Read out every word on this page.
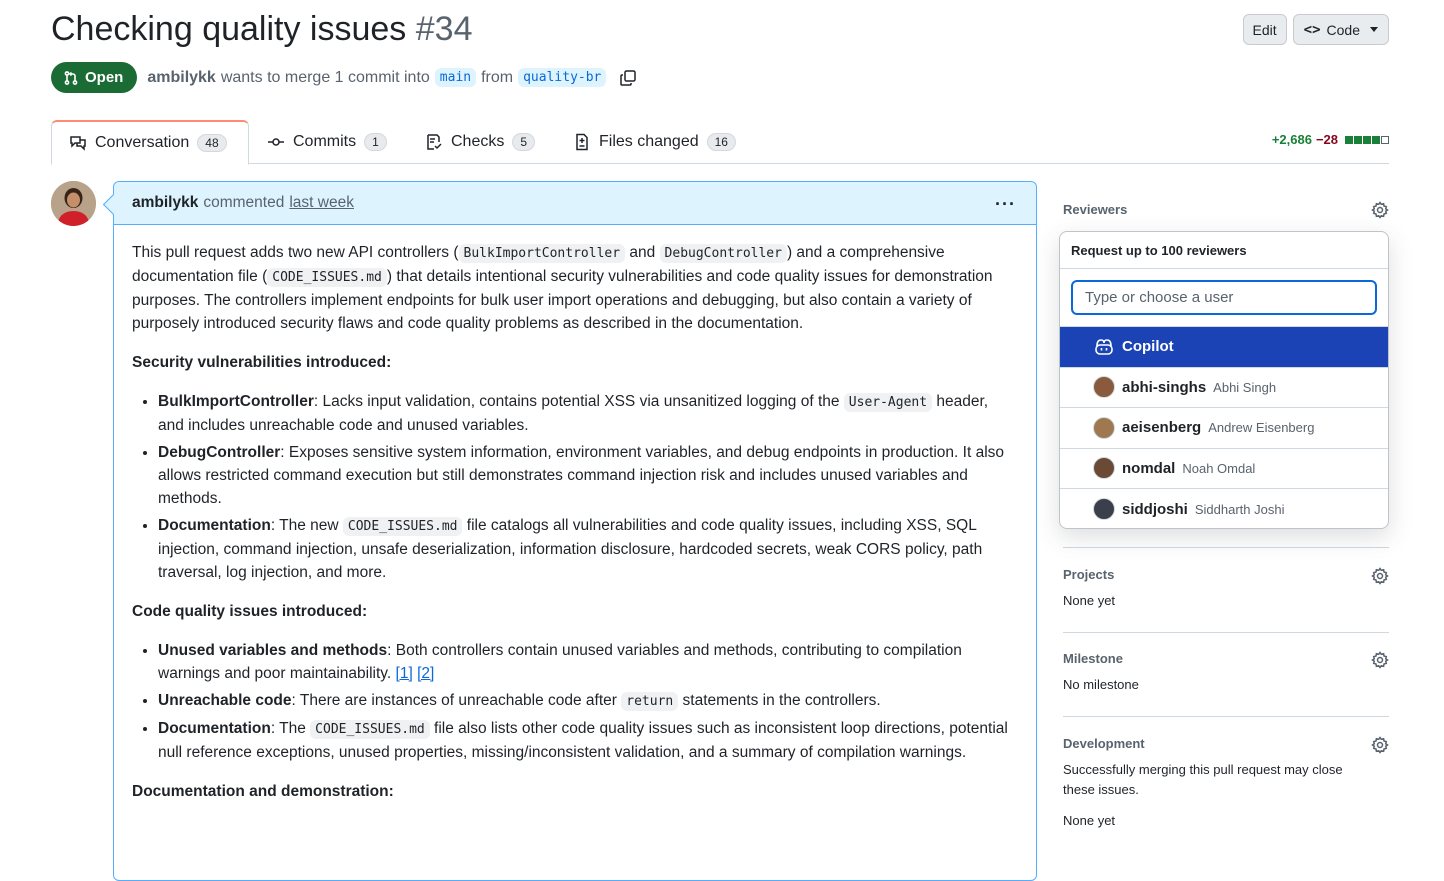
Checking quality issues #34	Edit	<> Code
Open ambilykk wants to merge 1 commit into main from quality-br
Conversation	48	Commits	1	Checks	5	Files changed	16	+2,686 −28
ambilykk commented last week	···

This pull request adds two new API controllers ( BulkImportController and DebugController ) and a comprehensive documentation file ( CODE_ISSUES.md ) that details intentional security vulnerabilities and code quality issues for demonstration purposes. The controllers implement endpoints for bulk user import operations and debugging, but also contain a variety of purposely introduced security flaws and code quality problems as described in the documentation.

Security vulnerabilities introduced:

• BulkImportController: Lacks input validation, contains potential XSS via unsanitized logging of the User-Agent header, and includes unreachable code and unused variables.
• DebugController: Exposes sensitive system information, environment variables, and debug endpoints in production. It also allows restricted command execution but still demonstrates command injection risk and includes unused variables and methods.
• Documentation: The new CODE_ISSUES.md file catalogs all vulnerabilities and code quality issues, including XSS, SQL injection, command injection, unsafe deserialization, information disclosure, hardcoded secrets, weak CORS policy, path traversal, log injection, and more.

Code quality issues introduced:

• Unused variables and methods: Both controllers contain unused variables and methods, contributing to compilation warnings and poor maintainability. [1] [2]
• Unreachable code: There are instances of unreachable code after return statements in the controllers.
• Documentation: The CODE_ISSUES.md file also lists other code quality issues such as inconsistent loop directions, potential null reference exceptions, unused properties, missing/inconsistent validation, and a summary of compilation warnings.

Documentation and demonstration:

Reviewers
Projects
None yet
Milestone
No milestone
Development
Successfully merging this pull request may close these issues.
None yet
Request up to 100 reviewers
Type or choose a user
Copilot
abhi-singhs Abhi Singh
aeisenberg Andrew Eisenberg
nomdal Noah Omdal
siddjoshi Siddharth Joshi
